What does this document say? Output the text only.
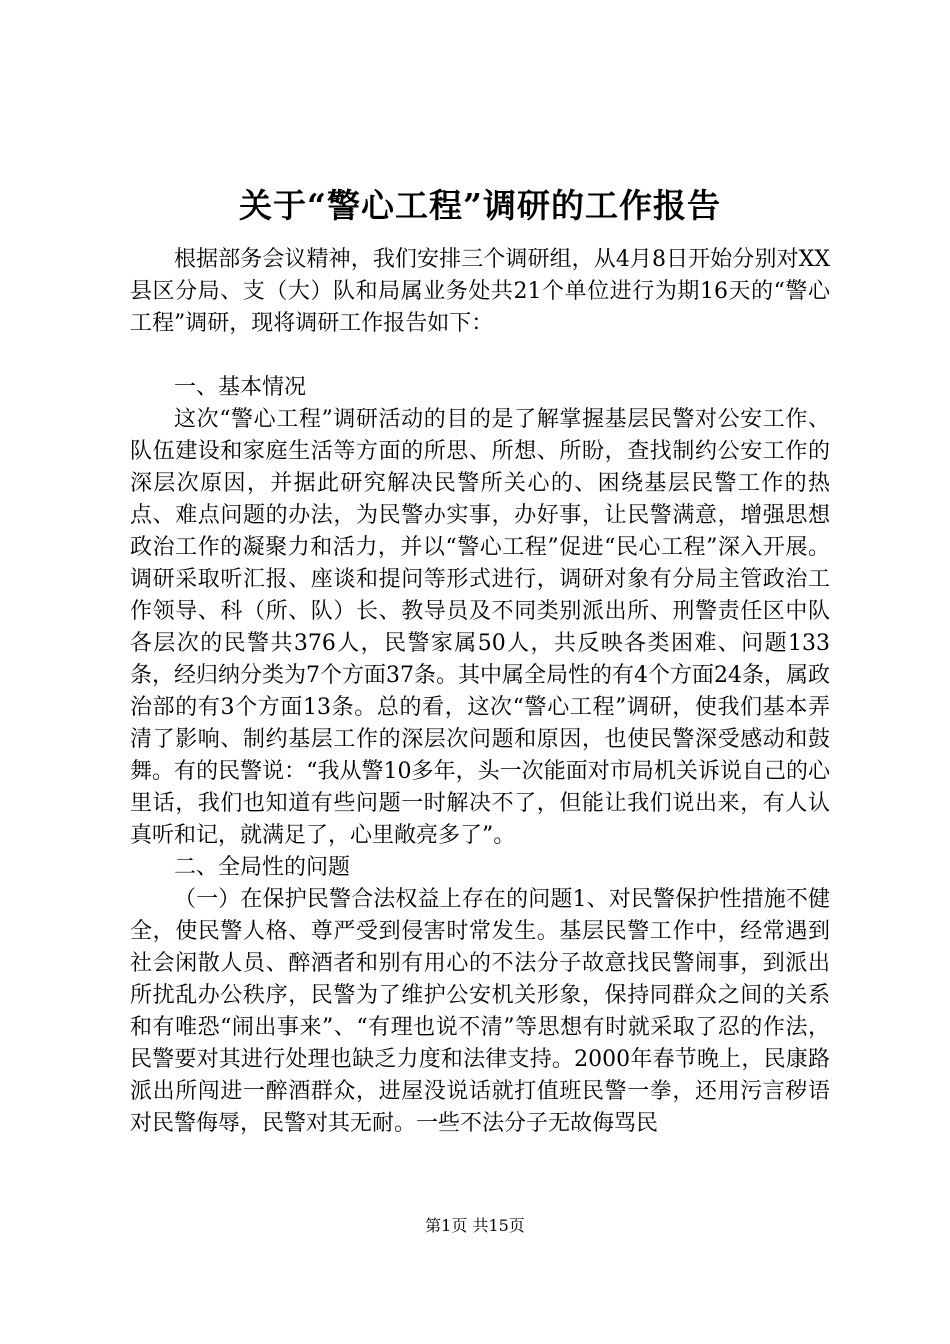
关于“警心工程”调研的工作报告

根据部务会议精神，我们安排三个调研组，从4月8日开始分别对XX县区分局、支（大）队和局属业务处共21个单位进行为期16天的“警心工程”调研，现将调研工作报告如下：

一、基本情况

这次“警心工程”调研活动的目的是了解掌握基层民警对公安工作、队伍建设和家庭生活等方面的所思、所想、所盼，查找制约公安工作的深层次原因，并据此研究解决民警所关心的、困绕基层民警工作的热点、难点问题的办法，为民警办实事，办好事，让民警满意，增强思想政治工作的凝聚力和活力，并以“警心工程”促进“民心工程”深入开展。调研采取听汇报、座谈和提问等形式进行，调研对象有分局主管政治工作领导、科（所、队）长、教导员及不同类别派出所、刑警责任区中队各层次的民警共376人，民警家属50人，共反映各类困难、问题133条，经归纳分类为7个方面37条。其中属全局性的有4个方面24条，属政治部的有3个方面13条。总的看，这次“警心工程”调研，使我们基本弄清了影响、制约基层工作的深层次问题和原因，也使民警深受感动和鼓舞。有的民警说：“我从警10多年，头一次能面对市局机关诉说自己的心里话，我们也知道有些问题一时解决不了，但能让我们说出来，有人认真听和记，就满足了，心里敞亮多了”。

二、全局性的问题

（一）在保护民警合法权益上存在的问题1、对民警保护性措施不健全，使民警人格、尊严受到侵害时常发生。基层民警工作中，经常遇到社会闲散人员、醉酒者和别有用心的不法分子故意找民警闹事，到派出所扰乱办公秩序，民警为了维护公安机关形象，保持同群众之间的关系和有唯恐“闹出事来”、“有理也说不清”等思想有时就采取了忍的作法，民警要对其进行处理也缺乏力度和法律支持。2000年春节晚上，民康路派出所闯进一醉酒群众，进屋没说话就打值班民警一拳，还用污言秽语对民警侮辱，民警对其无耐。一些不法分子无故侮骂民

第1页 共15页
